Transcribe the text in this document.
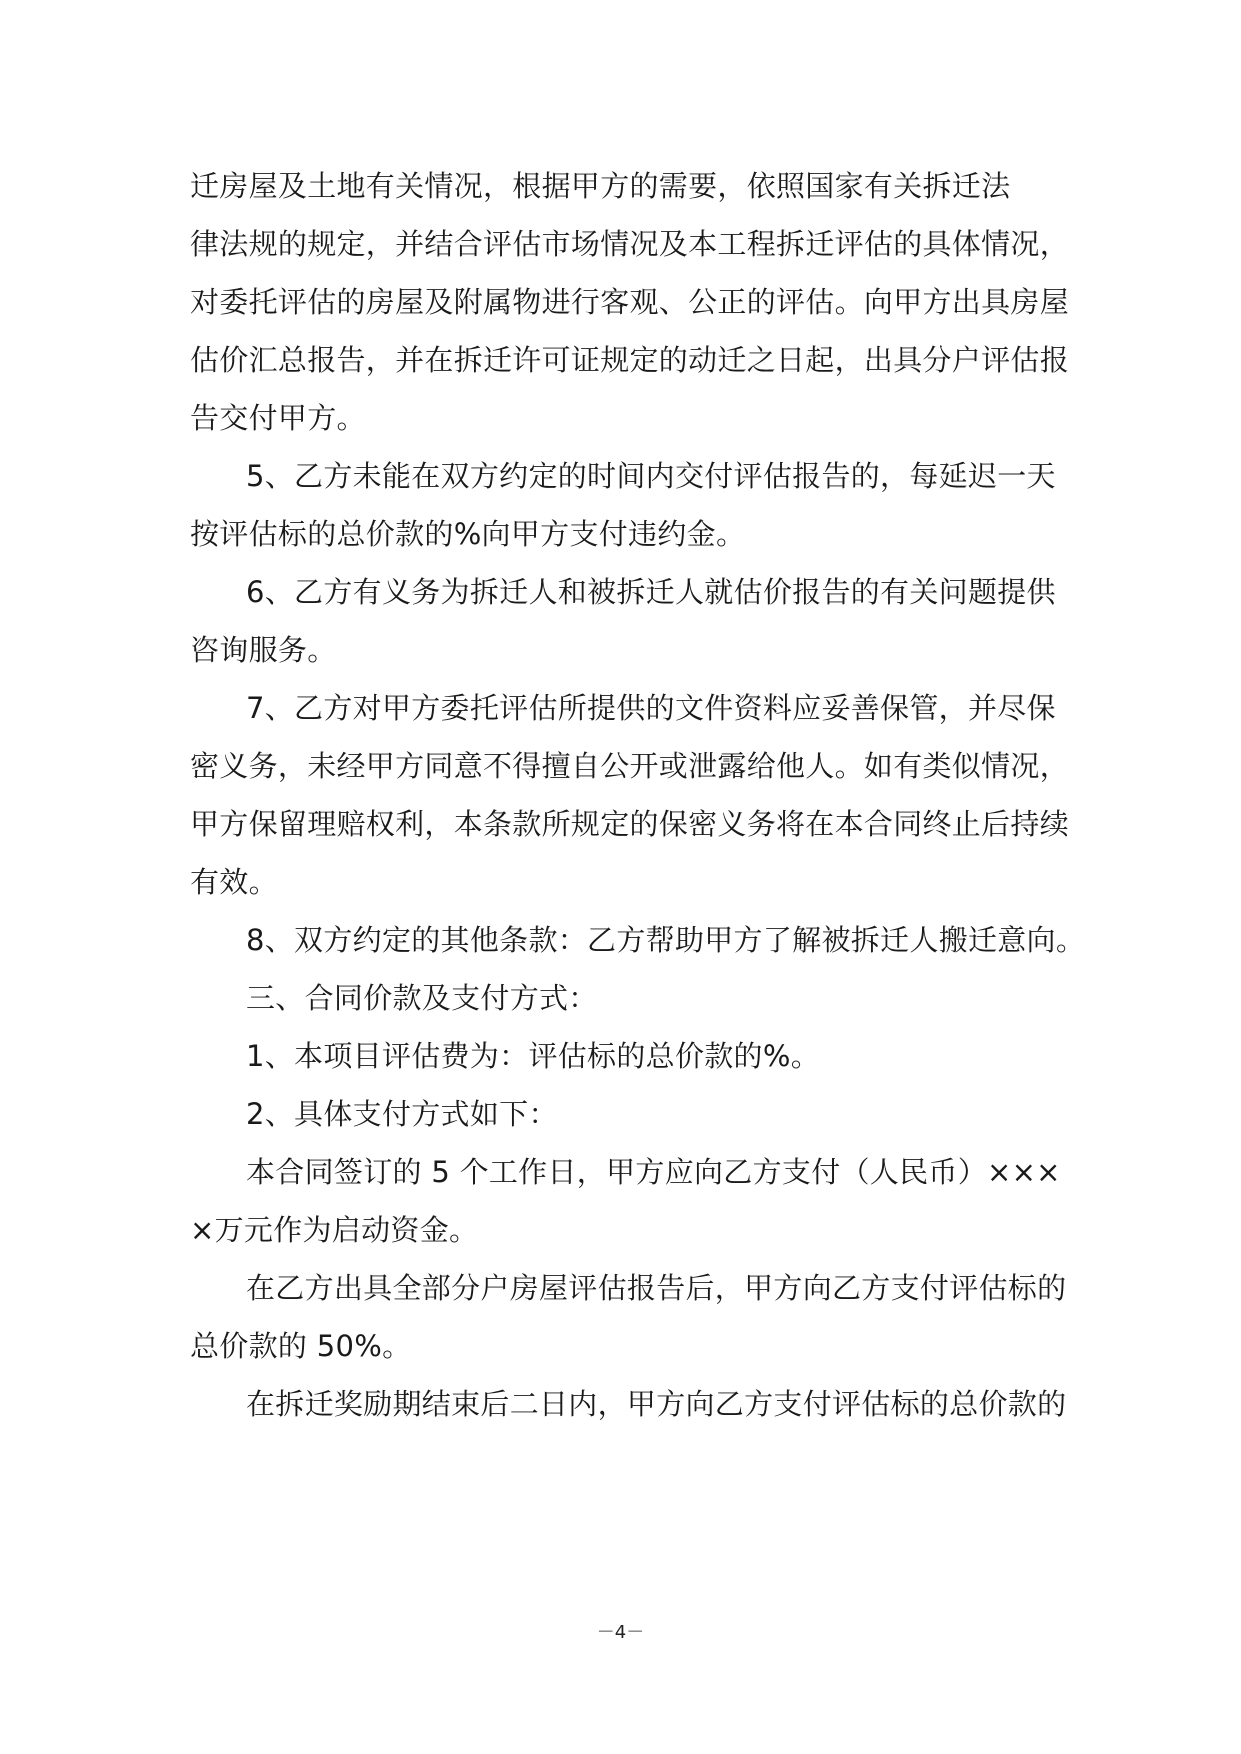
迁房屋及土地有关情况，根据甲方的需要，依照国家有关拆迁法
律法规的规定，并结合评估市场情况及本工程拆迁评估的具体情况，
对委托评估的房屋及附属物进行客观、公正的评估。向甲方出具房屋
估价汇总报告，并在拆迁许可证规定的动迁之日起，出具分户评估报
告交付甲方。
5、乙方未能在双方约定的时间内交付评估报告的，每延迟一天
按评估标的总价款的%向甲方支付违约金。
6、乙方有义务为拆迁人和被拆迁人就估价报告的有关问题提供
咨询服务。
7、乙方对甲方委托评估所提供的文件资料应妥善保管，并尽保
密义务，未经甲方同意不得擅自公开或泄露给他人。如有类似情况，
甲方保留理赔权利，本条款所规定的保密义务将在本合同终止后持续
有效。
8、双方约定的其他条款：乙方帮助甲方了解被拆迁人搬迁意向。
三、合同价款及支付方式：
1、本项目评估费为：评估标的总价款的%。
2、具体支付方式如下：
本合同签订的 5 个工作日，甲方应向乙方支付（人民币）×××
×万元作为启动资金。
在乙方出具全部分户房屋评估报告后，甲方向乙方支付评估标的
总价款的 50%。
在拆迁奖励期结束后二日内，甲方向乙方支付评估标的总价款的
－4－
